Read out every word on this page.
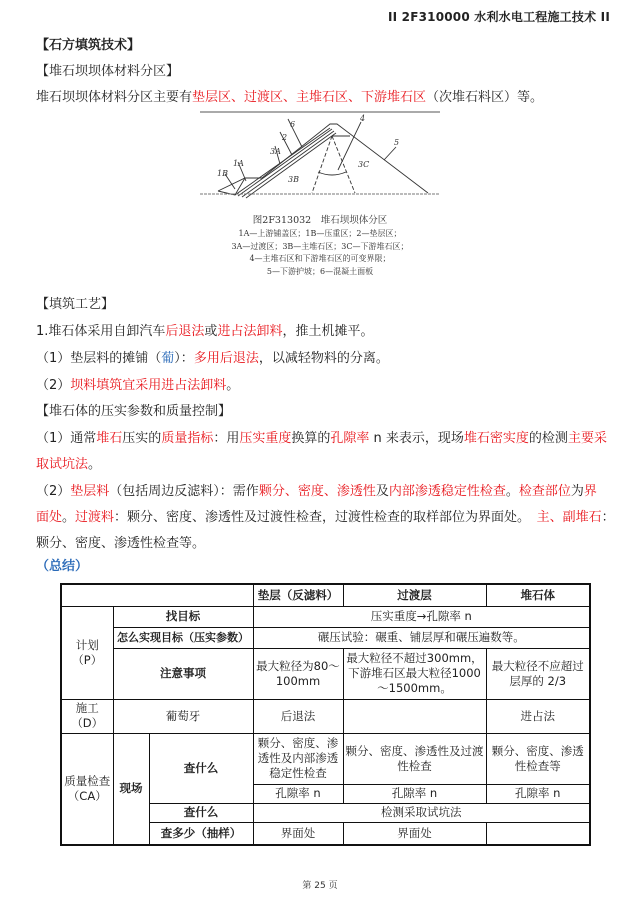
II 2F310000 水利水电工程施工技术 II
【石方填筑技术】
【堆石坝坝体材料分区】
堆石坝坝体材料分区主要有垫层区、过渡区、主堆石区、下游堆石区（次堆石料区）等。
6
2
3A
1A
1B
3B
4
3C
5
图2F313032　堆石坝坝体分区
1A—上游铺盖区；1B—压重区；2—垫层区；
3A—过渡区；3B—主堆石区；3C—下游堆石区；
4—主堆石区和下游堆石区的可变界限；
5—下游护坡；6—混凝土面板
【填筑工艺】
1.堆石体采用自卸汽车后退法或进占法卸料，推土机摊平。
（1）垫层料的摊铺（葡）：多用后退法，以减轻物料的分离。
（2）坝料填筑宜采用进占法卸料。
【堆石体的压实参数和质量控制】
（1）通常堆石压实的质量指标：用压实重度换算的孔隙率 n 来表示，现场堆石密实度的检测主要采
取试坑法。
（2）垫层料（包括周边反滤料）：需作颗分、密度、渗透性及内部渗透稳定性检查。检查部位为界
面处。过渡料：颗分、密度、渗透性及过渡性检查，过渡性检查的取样部位为界面处。　主、副堆石：
颗分、密度、渗透性检查等。
（总结）
			垫层（反滤料）	过渡层	堆石体
计划（P）	找目标		压实重度→孔隙率 n		
	怎么实现目标（压实参数）		碾压试验：碾重、铺层厚和碾压遍数等。		
	注意事项		最大粒径为80～100mm	最大粒径不超过300mm，下游堆石区最大粒径1000～1500mm。	最大粒径不应超过层厚的 2/3
施工（D）	葡萄牙		后退法		进占法
质量检查（CA）	现场	查什么	颗分、密度、渗透性及内部渗透稳定性检查	颗分、密度、渗透性及过渡性检查	颗分、密度、渗透性检查等
			孔隙率 n	孔隙率 n	孔隙率 n
		查什么	检测采取试坑法		
		查多少（抽样）	界面处	界面处	
第 25 页
